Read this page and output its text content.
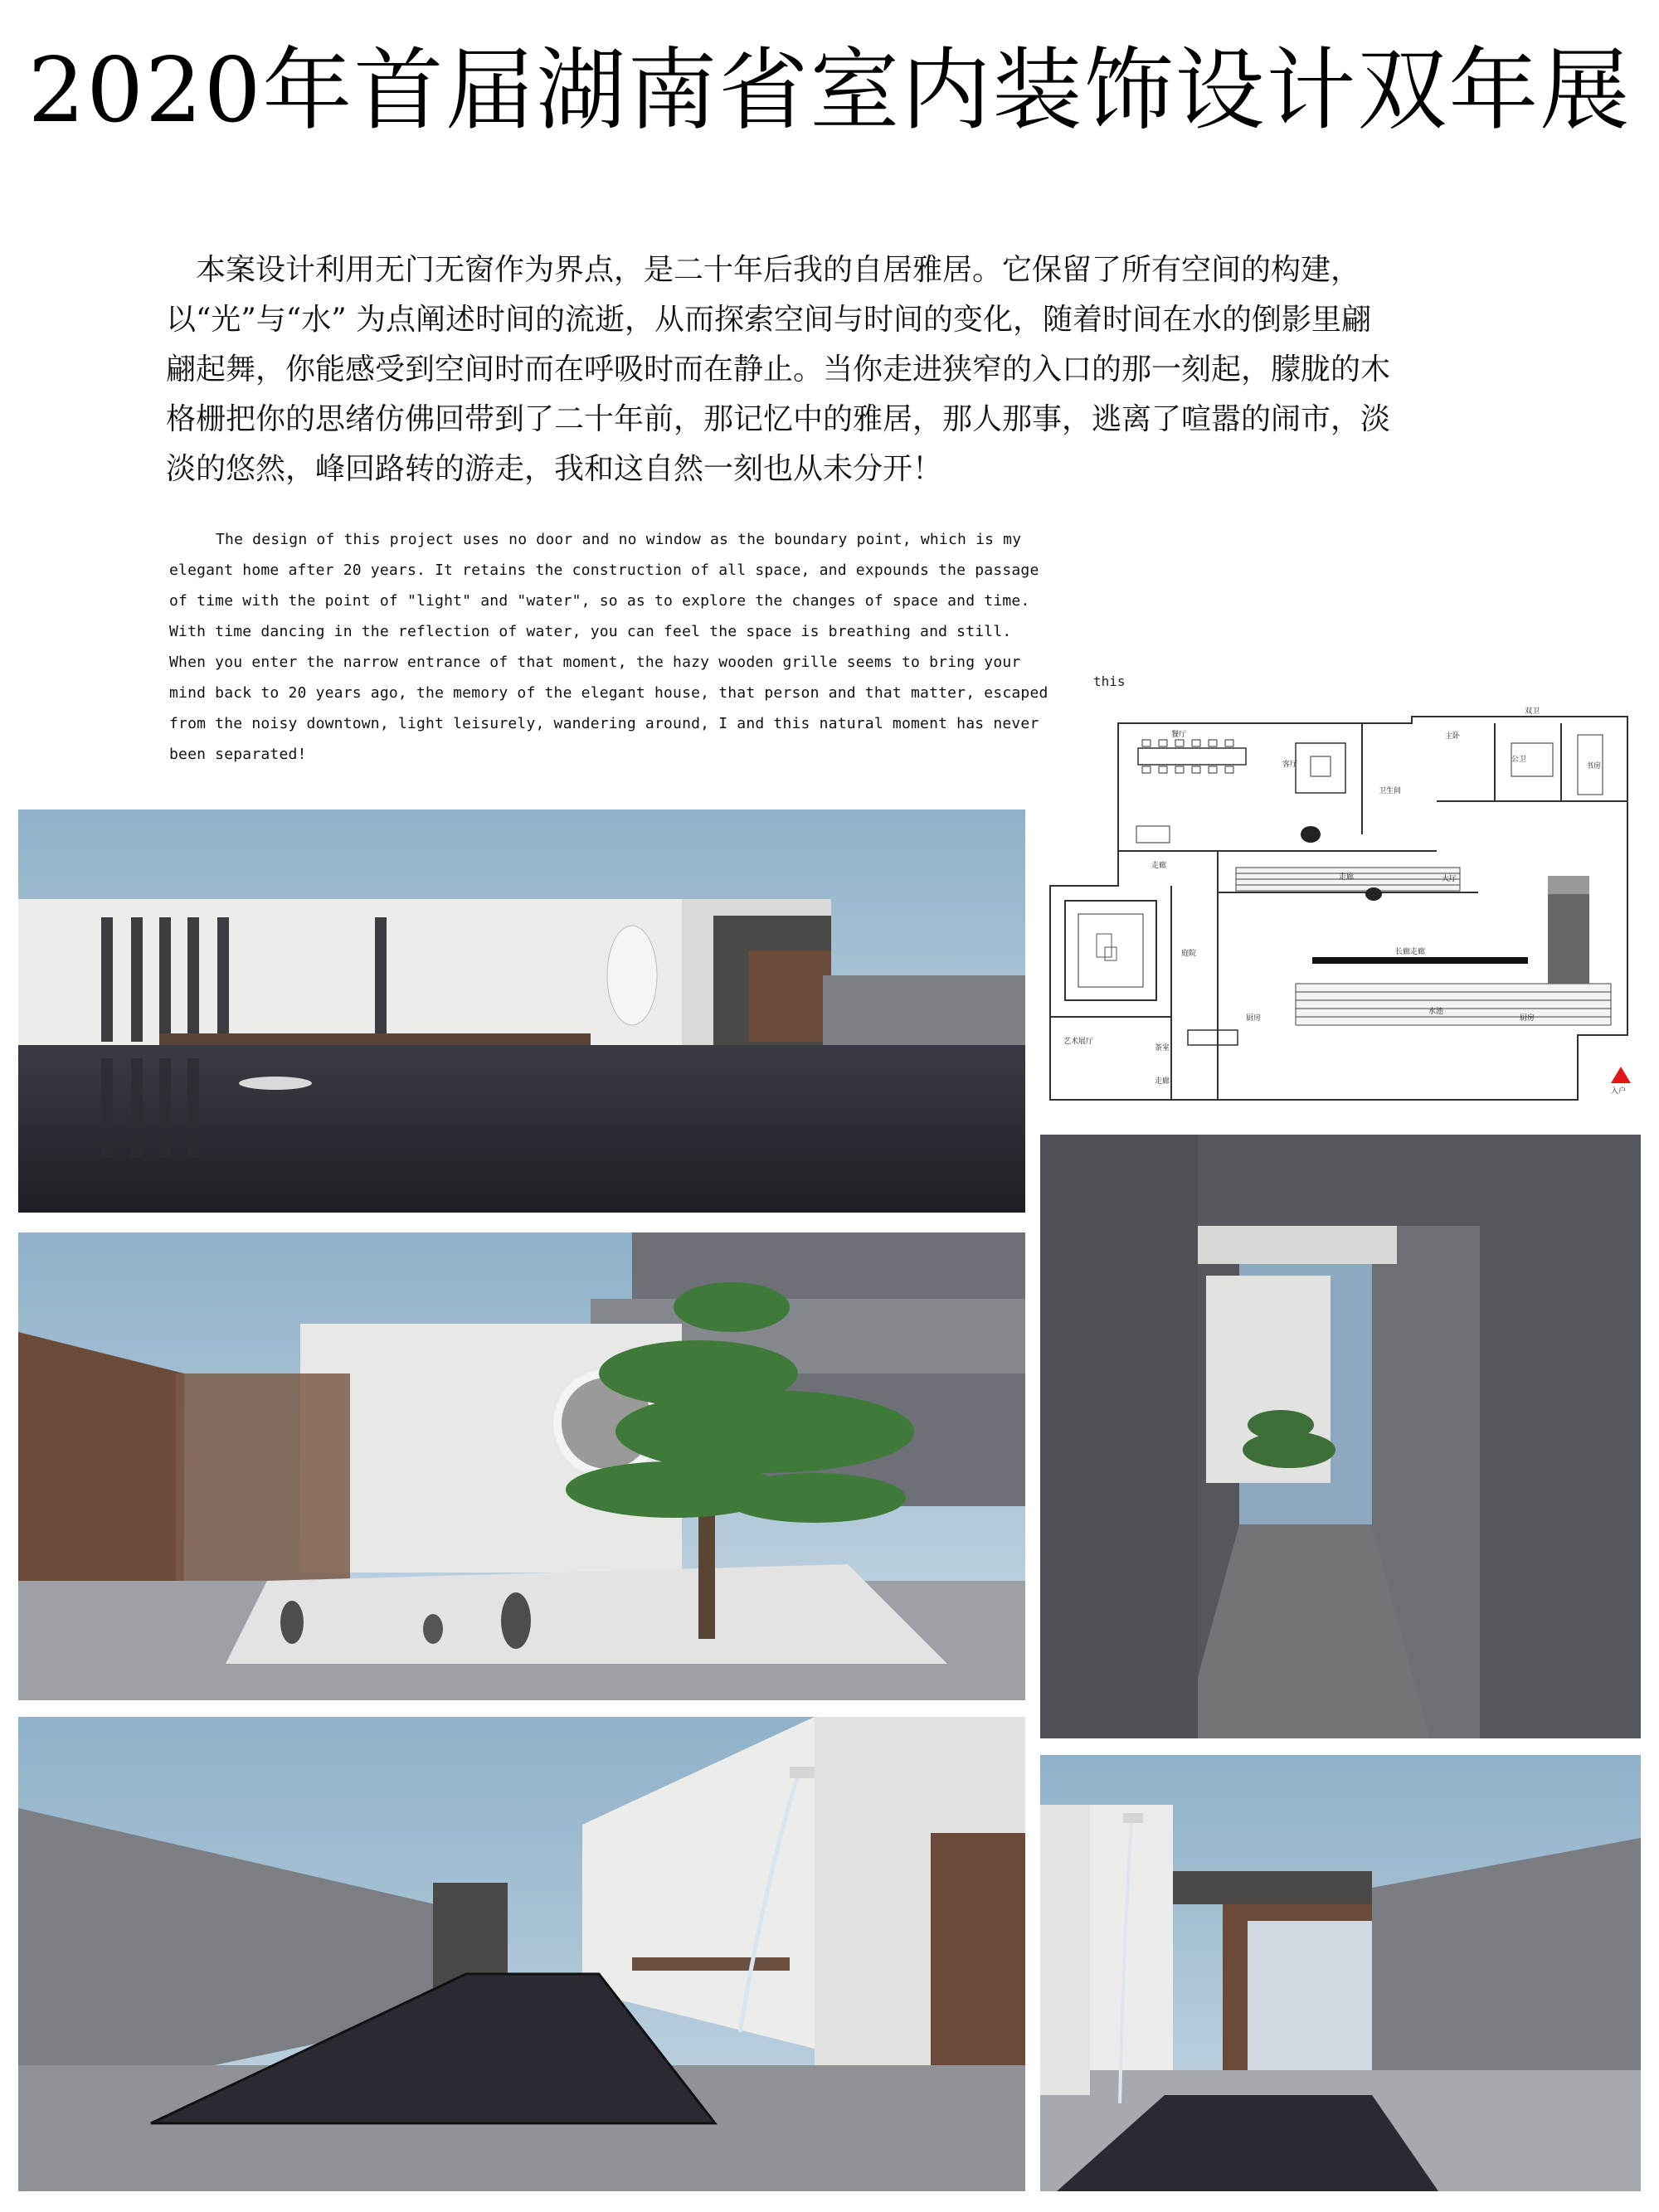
2020年首届湖南省室内装饰设计双年展
本案设计利用无门无窗作为界点，是二十年后我的自居雅居。它保留了所有空间的构建，以“光”与“水” 为点阐述时间的流逝，从而探索空间与时间的变化，随着时间在水的倒影里翩翩起舞，你能感受到空间时而在呼吸时而在静止。当你走进狭窄的入口的那一刻起，朦胧的木格栅把你的思绪仿佛回带到了二十年前，那记忆中的雅居，那人那事，逃离了喧嚣的闹市，淡淡的悠然，峰回路转的游走，我和这自然一刻也从未分开！
The design of this project uses no door and no window as the boundary point, which is my elegant home after 20 years. It retains the construction of all space, and expounds the passage of time with the point of "light" and "water", so as to explore the changes of space and time. With time dancing in the reflection of water, you can feel the space is breathing and still. When you enter the narrow entrance of that moment, the hazy wooden grille seems to bring your mind back to 20 years ago, the memory of the elegant house, that person and that matter, escaped from the noisy downtown, light leisurely, wandering around, I and this natural moment has never been separated!
this
餐厅
客厅
走廊	大厅
长廊走廊
水池
厨房	厨房
艺术展厅
茶室
走廊
庭院
走廊
公卫
主卧
书房
卫生间
双卫
入户
